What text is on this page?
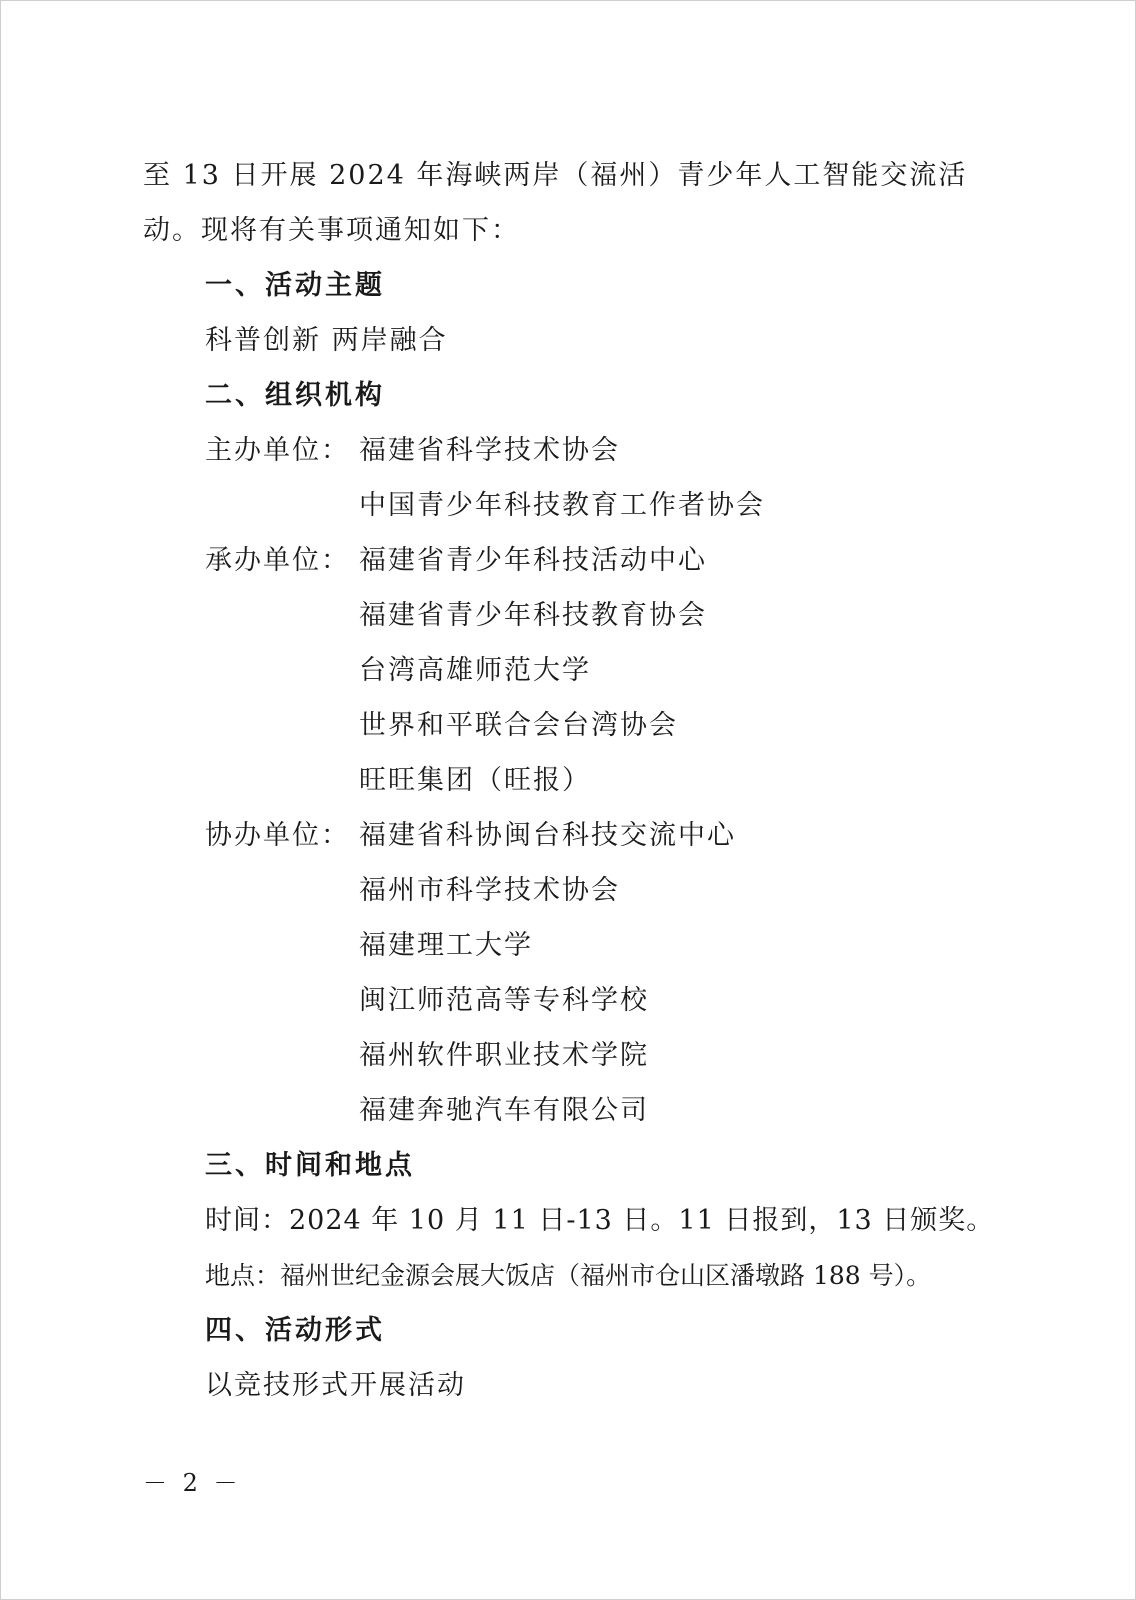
至 13 日开展 2024 年海峡两岸（福州）青少年人工智能交流活
动。现将有关事项通知如下：
一、活动主题
科普创新 两岸融合
二、组织机构
主办单位： 福建省科学技术协会
中国青少年科技教育工作者协会
承办单位： 福建省青少年科技活动中心
福建省青少年科技教育协会
台湾高雄师范大学
世界和平联合会台湾协会
旺旺集团（旺报）
协办单位： 福建省科协闽台科技交流中心
福州市科学技术协会
福建理工大学
闽江师范高等专科学校
福州软件职业技术学院
福建奔驰汽车有限公司
三、时间和地点
时间：2024 年 10 月 11 日-13 日。11 日报到，13 日颁奖。
地点：福州世纪金源会展大饭店（福州市仓山区潘墩路 188 号）。
四、活动形式
以竞技形式开展活动
－ 2 －
